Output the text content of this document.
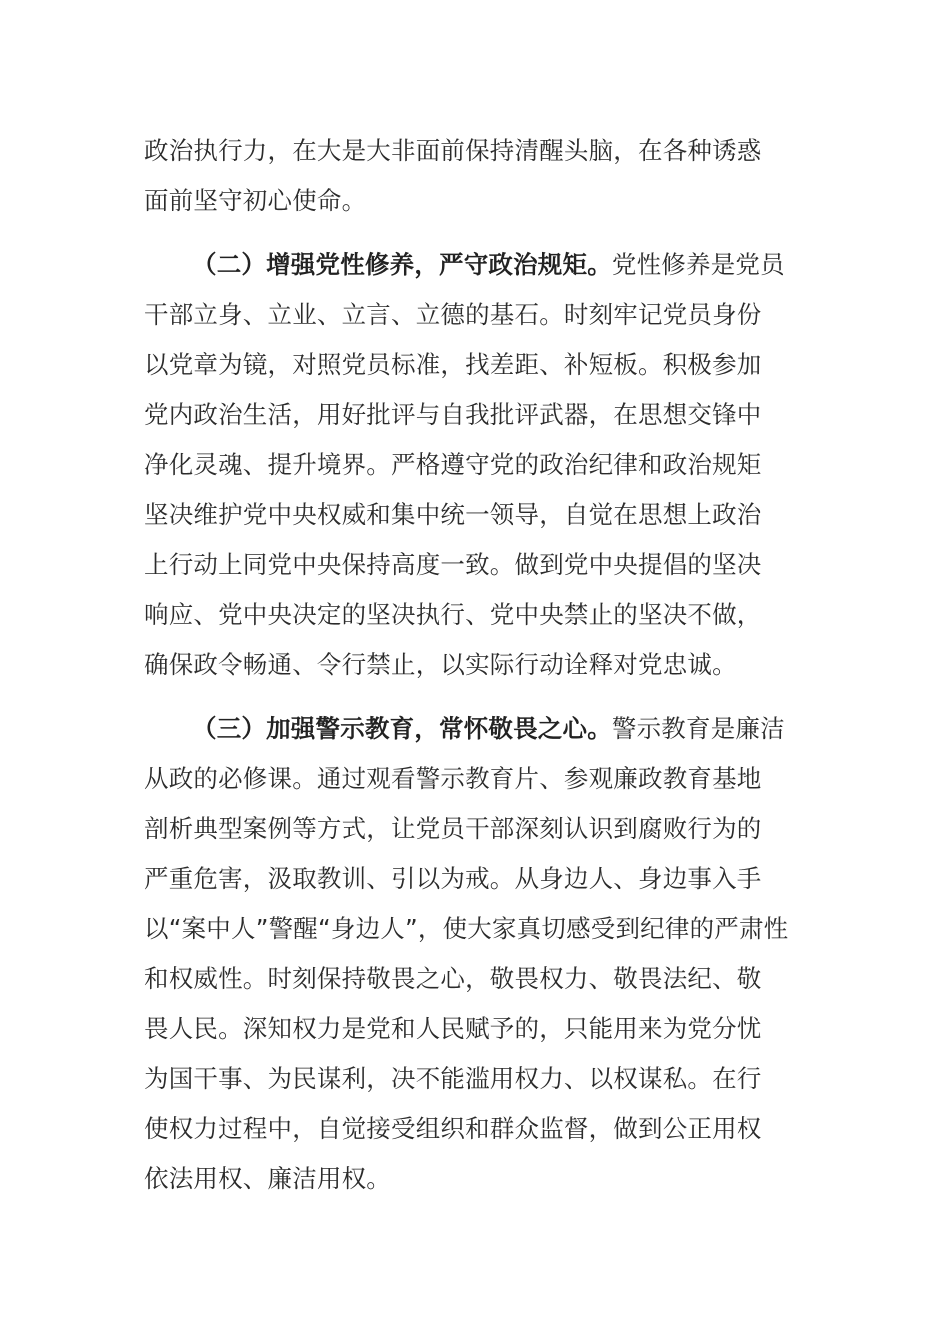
政治执行力，在大是大非面前保持清醒头脑，在各种诱惑
面前坚守初心使命。
（二）增强党性修养，严守政治规矩。党性修养是党员
干部立身、立业、立言、立德的基石。时刻牢记党员身份
以党章为镜，对照党员标准，找差距、补短板。积极参加
党内政治生活，用好批评与自我批评武器，在思想交锋中
净化灵魂、提升境界。严格遵守党的政治纪律和政治规矩
坚决维护党中央权威和集中统一领导，自觉在思想上政治
上行动上同党中央保持高度一致。做到党中央提倡的坚决
响应、党中央决定的坚决执行、党中央禁止的坚决不做，
确保政令畅通、令行禁止，以实际行动诠释对党忠诚。
（三）加强警示教育，常怀敬畏之心。警示教育是廉洁
从政的必修课。通过观看警示教育片、参观廉政教育基地
剖析典型案例等方式，让党员干部深刻认识到腐败行为的
严重危害，汲取教训、引以为戒。从身边人、身边事入手
以“案中人”警醒“身边人”，使大家真切感受到纪律的严肃性
和权威性。时刻保持敬畏之心，敬畏权力、敬畏法纪、敬
畏人民。深知权力是党和人民赋予的，只能用来为党分忧
为国干事、为民谋利，决不能滥用权力、以权谋私。在行
使权力过程中，自觉接受组织和群众监督，做到公正用权
依法用权、廉洁用权。
